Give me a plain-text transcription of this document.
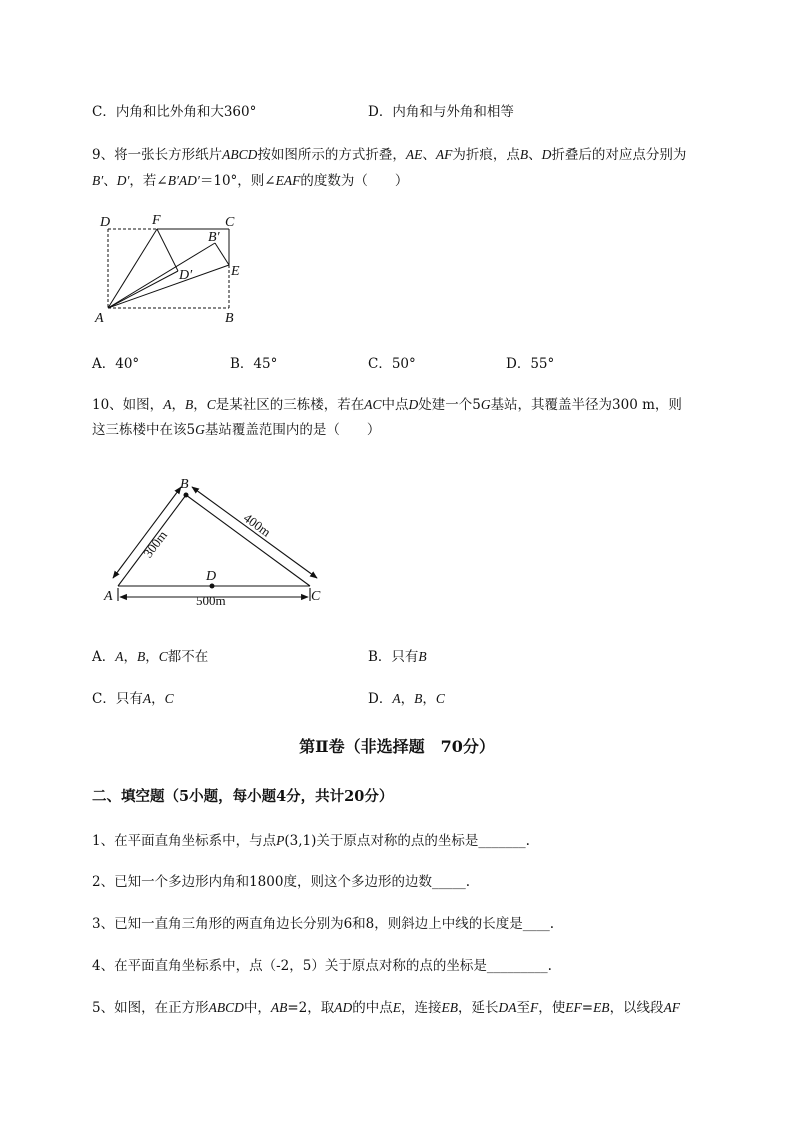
C．内角和比外角和大360°	D．内角和与外角和相等
9、将一张长方形纸片ABCD按如图所示的方式折叠，AE、AF为折痕，点B、D折叠后的对应点分别为
B′、D′，若∠B′AD′＝10°，则∠EAF的度数为（　　）
D	F	C
B′
D′	E
A	B
A．40°	B．45°	C．50°	D．55°
10、如图，A，B，C是某社区的三栋楼，若在AC中点D处建一个5G基站，其覆盖半径为300 m，则
这三栋楼中在该5G基站覆盖范围内的是（　　）
B
A	C
D
300m
400m
500m
A．A，B，C都不在	B．只有B
C．只有A，C	D．A，B，C
第Ⅱ卷（非选择题　70分）
二、填空题（5小题，每小题4分，共计20分）
1、在平面直角坐标系中，与点P(3,1)关于原点对称的点的坐标是_______.
2、已知一个多边形内角和1800度，则这个多边形的边数_____.
3、已知一直角三角形的两直角边长分别为6和8，则斜边上中线的长度是____.
4、在平面直角坐标系中，点（-2，5）关于原点对称的点的坐标是_________.
5、如图，在正方形ABCD中，AB=2，取AD的中点E，连接EB，延长DA至F，使EF=EB，以线段AF
